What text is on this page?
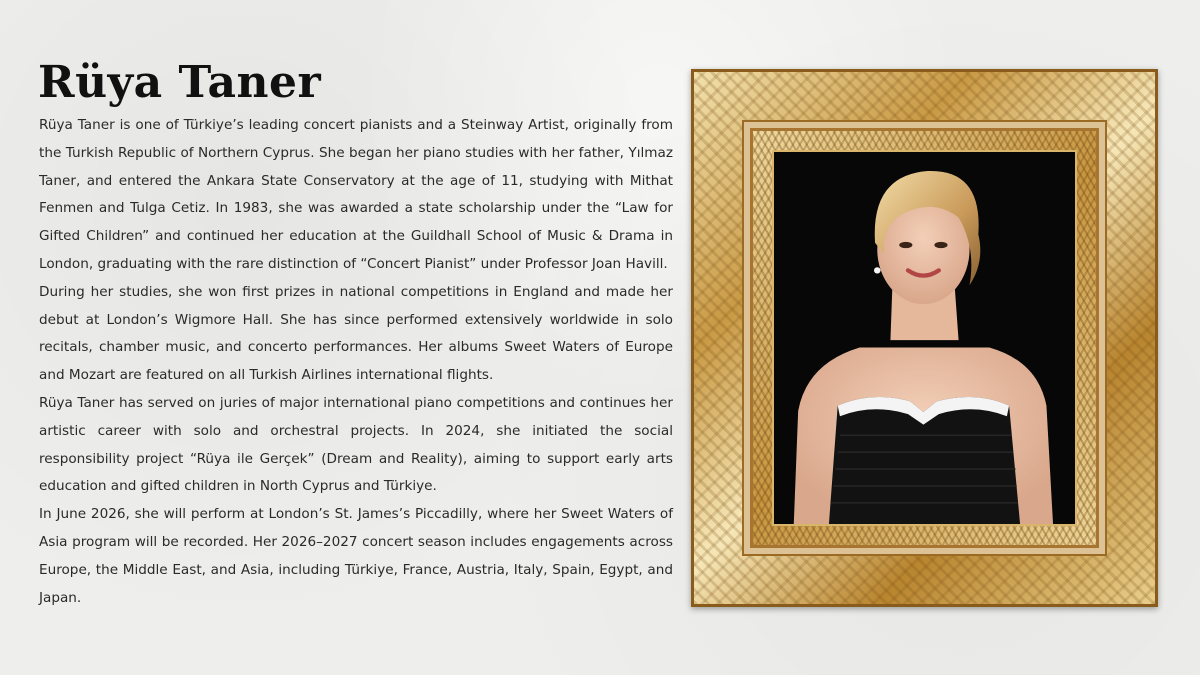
Rüya Taner

Rüya Taner is one of Türkiye’s leading concert pianists and a Steinway Artist, originally from the Turkish Republic of Northern Cyprus. She began her piano studies with her father, Yılmaz Taner, and entered the Ankara State Conservatory at the age of 11, studying with Mithat Fenmen and Tulga Cetiz. In 1983, she was awarded a state scholarship under the “Law for Gifted Children” and continued her education at the Guildhall School of Music & Drama in London, graduating with the rare distinction of “Concert Pianist” under Professor Joan Havill.

During her studies, she won first prizes in national competitions in England and made her debut at London’s Wigmore Hall. She has since performed extensively worldwide in solo recitals, chamber music, and concerto performances. Her albums Sweet Waters of Europe and Mozart are featured on all Turkish Airlines international flights.

Rüya Taner has served on juries of major international piano competitions and continues her artistic career with solo and orchestral projects. In 2024, she initiated the social responsibility project “Rüya ile Gerçek” (Dream and Reality), aiming to support early arts education and gifted children in North Cyprus and Türkiye.

In June 2026, she will perform at London’s St. James’s Piccadilly, where her Sweet Waters of Asia program will be recorded. Her 2026–2027 concert season includes engagements across Europe, the Middle East, and Asia, including Türkiye, France, Austria, Italy, Spain, Egypt, and Japan.
